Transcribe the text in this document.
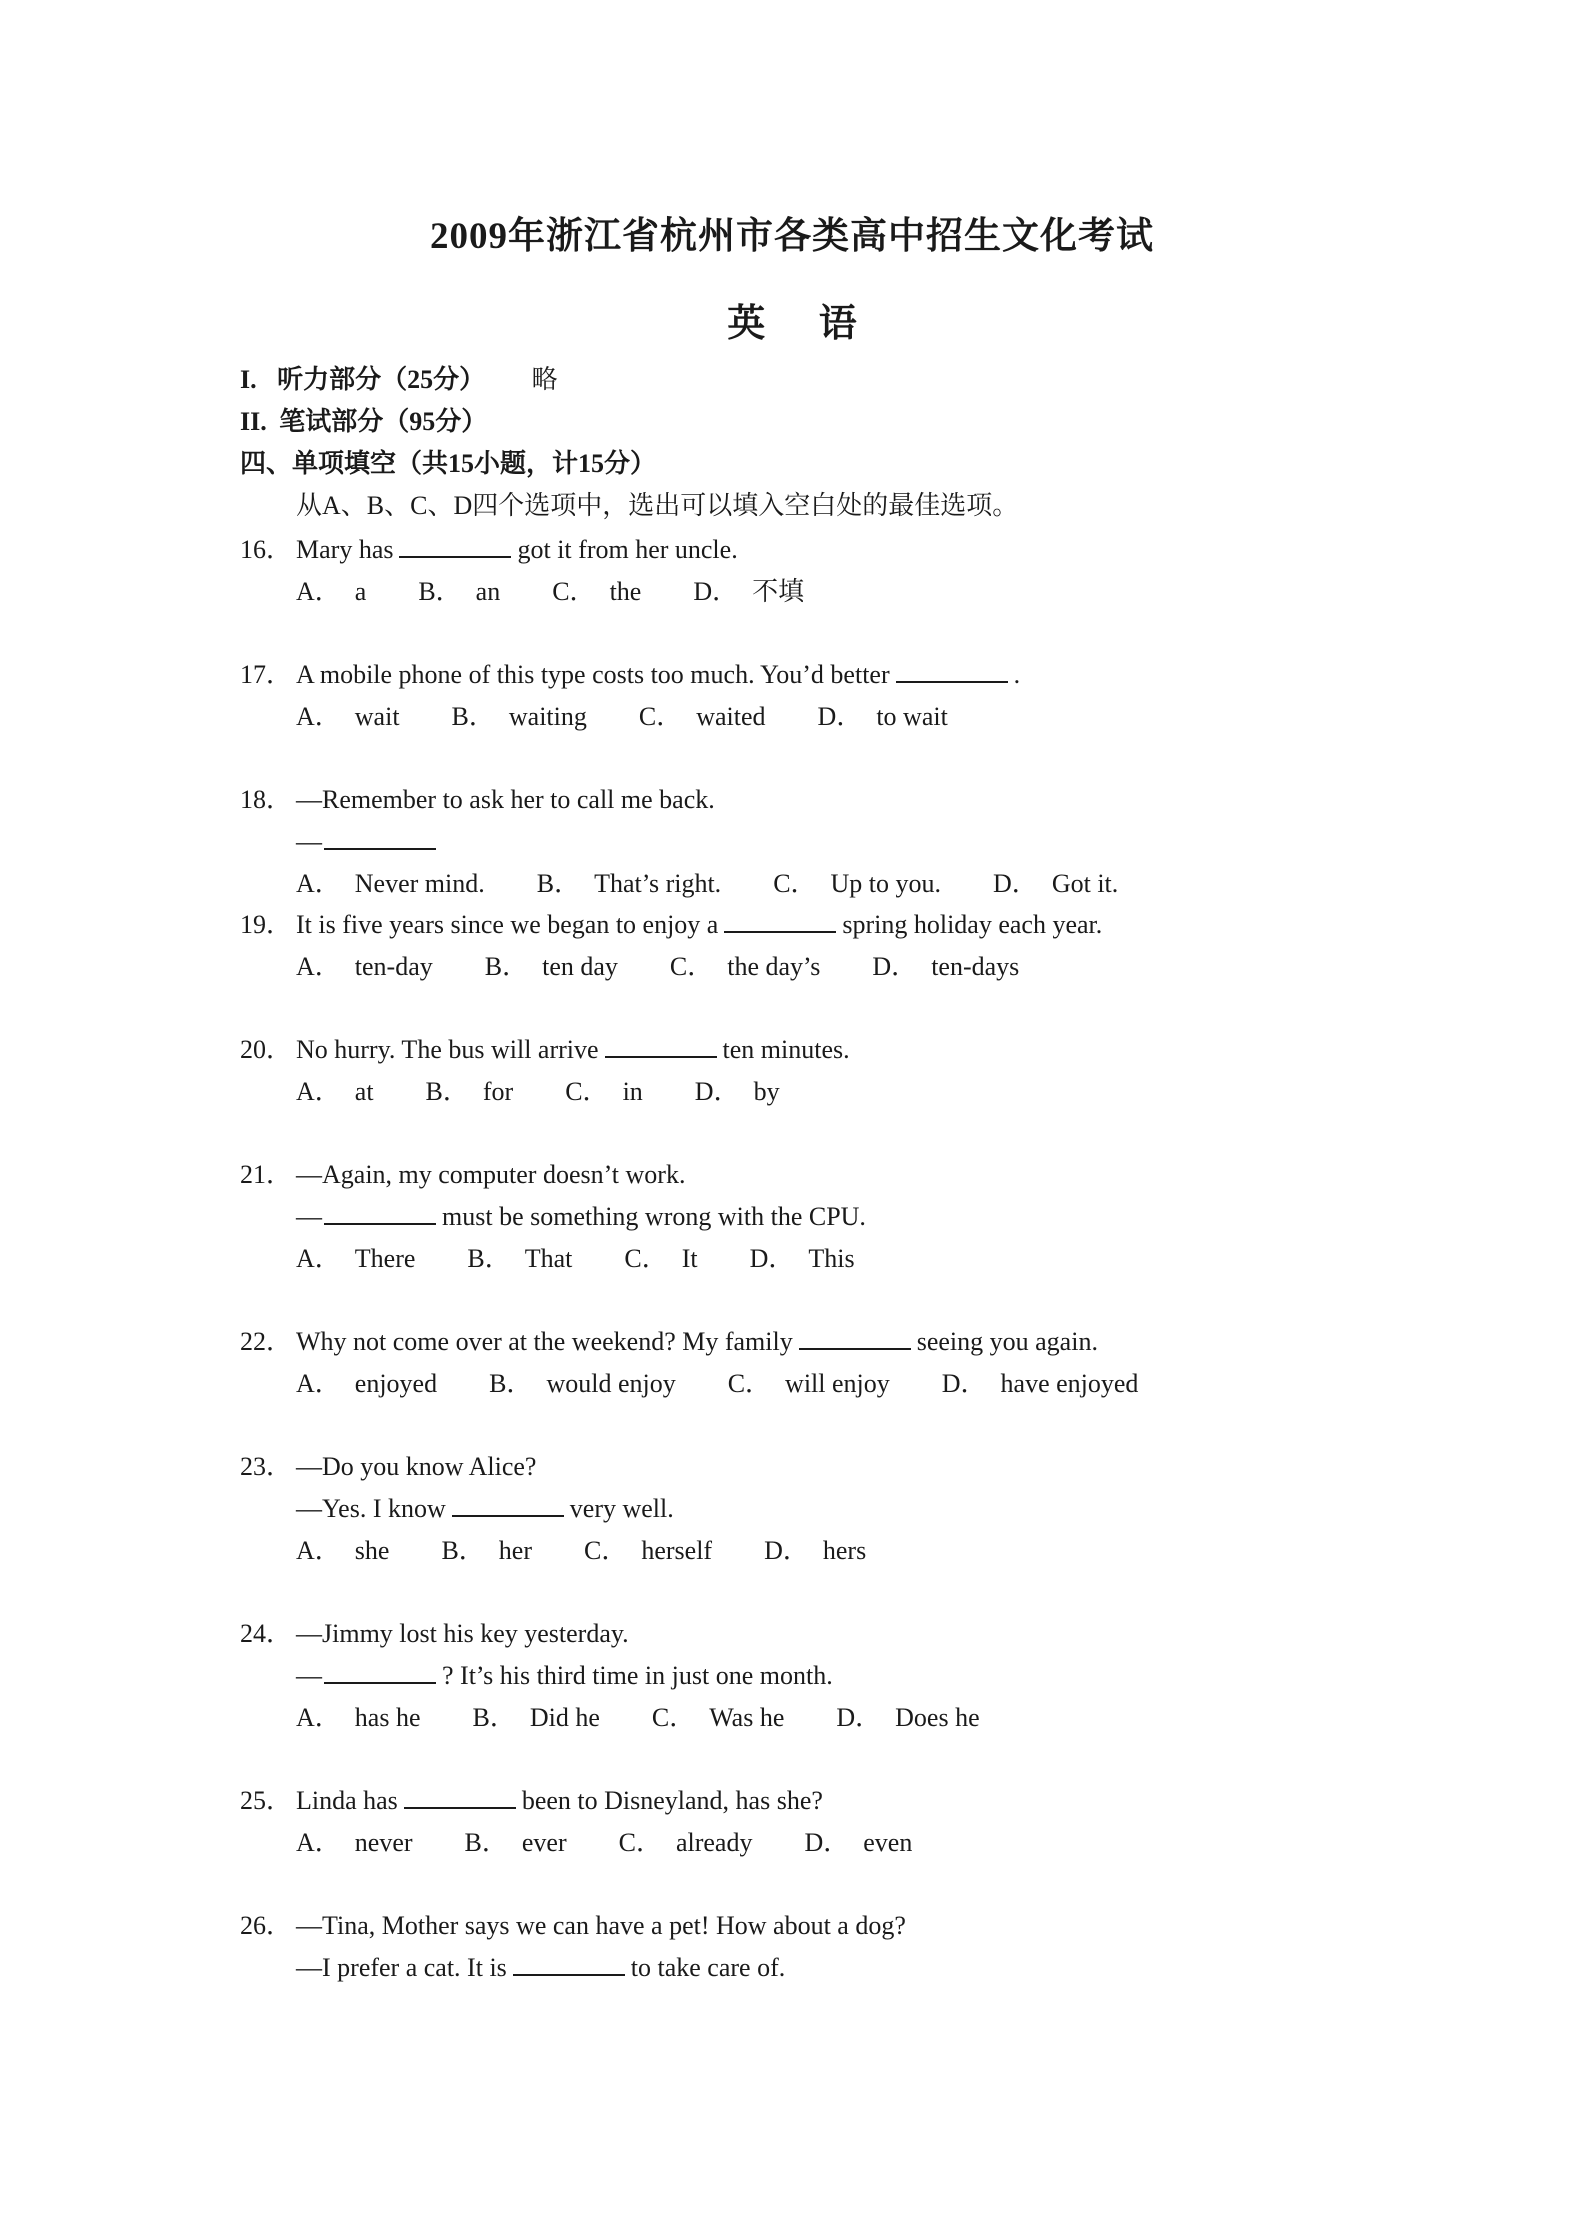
2009年浙江省杭州市各类高中招生文化考试
英 语
I. 听力部分（25分） 略
II. 笔试部分（95分）
四、单项填空（共15小题，计15分）
从A、B、C、D四个选项中，选出可以填入空白处的最佳选项。
16． Mary has	got it from her uncle.
A． a B． an C． the D． 不填
17． A mobile phone of this type costs too much. You’d better	.
A． wait B． waiting C． waited D． to wait
18． —Remember to ask her to call me back.
—
A． Never mind. B． That’s right. C． Up to you. D． Got it.
19． It is five years since we began to enjoy a	spring holiday each year.
A． ten-day B． ten day C． the day’s D． ten-days
20． No hurry. The bus will arrive	ten minutes.
A． at B． for C． in D． by
21． —Again, my computer doesn’t work.
—	must be something wrong with the CPU.
A． There B． That C． It D． This
22． Why not come over at the weekend? My family	seeing you again.
A． enjoyed B． would enjoy C． will enjoy D． have enjoyed
23． —Do you know Alice?
—Yes. I know	very well.
A． she B． her C． herself D． hers
24． —Jimmy lost his key yesterday.
—	? It’s his third time in just one month.
A． has he B． Did he C． Was he D． Does he
25． Linda has	been to Disneyland, has she?
A． never B． ever C． already D． even
26． —Tina, Mother says we can have a pet! How about a dog?
—I prefer a cat. It is	to take care of.
